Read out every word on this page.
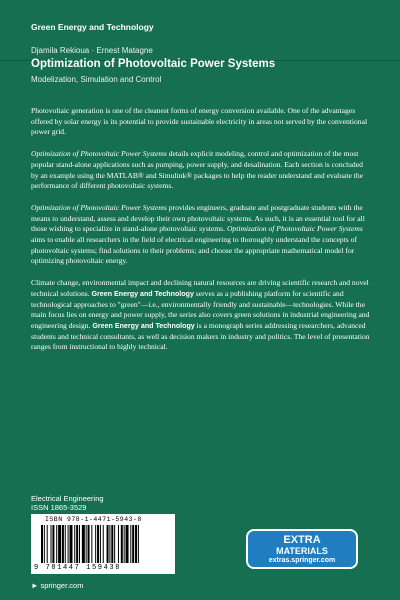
Green Energy and Technology
Djamila Rekioua · Ernest Matagne
Optimization of Photovoltaic Power Systems
Modelization, Simulation and Control

Photovoltaic generation is one of the cleanest forms of energy conversion available. One of the advantages offered by solar energy is its potential to provide sustainable electricity in areas not served by the conventional power grid.

Optimization of Photovoltaic Power Systems details explicit modeling, control and optimization of the most popular stand-alone applications such as pumping, power supply, and desalination. Each section is concluded by an example using the MATLAB® and Simulink® packages to help the reader understand and evaluate the performance of different photovoltaic systems.

Optimization of Photovoltaic Power Systems provides engineers, graduate and postgraduate students with the means to understand, assess and develop their own photovoltaic systems. As such, it is an essential tool for all those wishing to specialize in stand-alone photovoltaic systems. Optimization of Photovoltaic Power Systems aims to enable all researchers in the field of electrical engineering to thoroughly understand the concepts of photovoltaic systems; find solutions to their problems; and choose the appropriate mathematical model for optimizing photovoltaic energy.

Climate change, environmental impact and declining natural resources are driving scientific research and novel technical solutions. Green Energy and Technology serves as a publishing platform for scientific and technological approaches to "green"—i.e., environmentally friendly and sustainable—technologies. While the main focus lies on energy and power supply, the series also covers green solutions in industrial engineering and engineering design. Green Energy and Technology is a monograph series addressing researchers, advanced students and technical consultants, as well as decision makers in industry and politics. The level of presentation ranges from instructional to highly technical.

Electrical Engineering
ISSN 1865-3529
ISBN 978-1-4471-5943-8
9 781447 159438
► springer.com
EXTRA
MATERIALS
extras.springer.com
